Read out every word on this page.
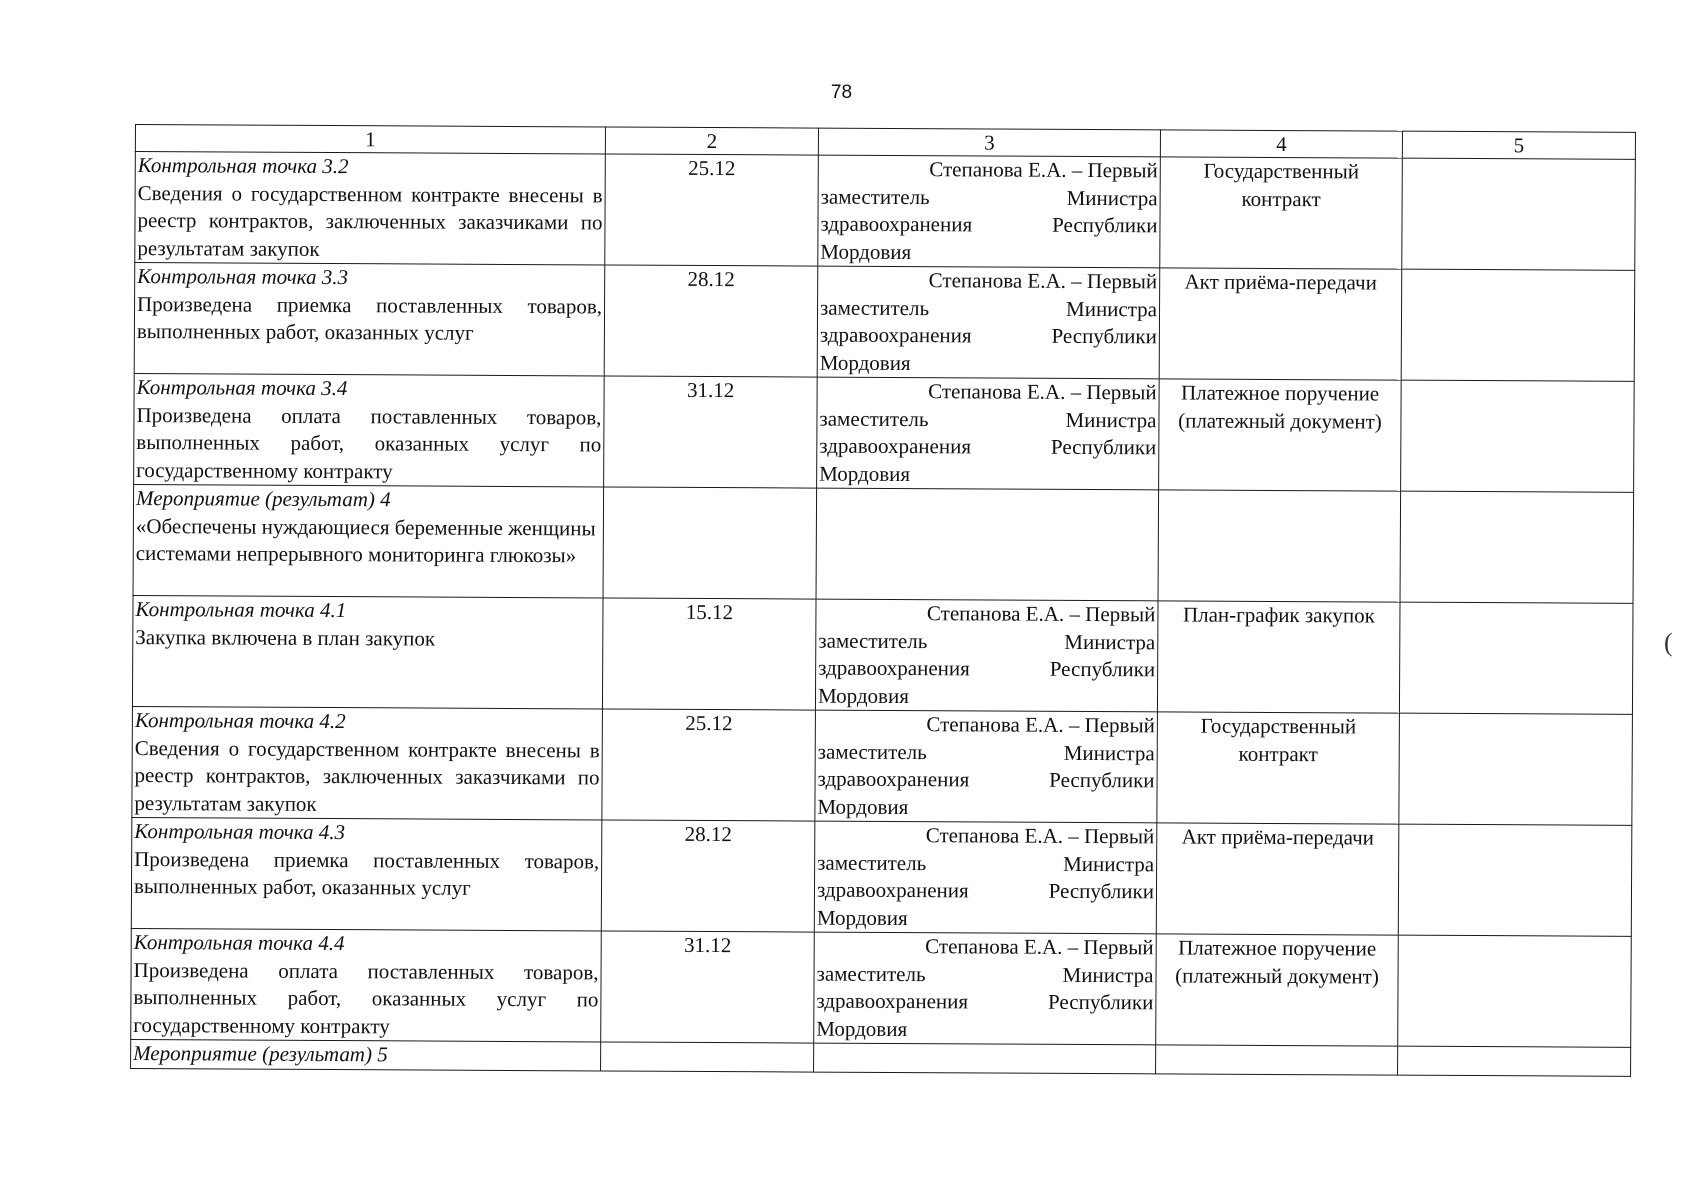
78
1	2	3	4	5

Контрольная точка 3.2
Сведения о государственном контракте внесены в реестр контрактов, заключенных заказчиками по результатам закупок	25.12	Степанова Е.А. – Первый
заместитель Министра
здравоохранения Республики
Мордовия	Государственный контракт	

Контрольная точка 3.3
Произведена приемка поставленных товаров, выполненных работ, оказанных услуг	28.12	Степанова Е.А. – Первый
заместитель Министра
здравоохранения Республики
Мордовия	Акт приёма-передачи	

Контрольная точка 3.4
Произведена оплата поставленных товаров, выполненных работ, оказанных услуг по государственному контракту	31.12	Степанова Е.А. – Первый
заместитель Министра
здравоохранения Республики
Мордовия	Платежное поручение (платежный документ)	

Мероприятие (результат) 4
«Обеспечены нуждающиеся беременные женщины системами непрерывного мониторинга глюкозы»				

Контрольная точка 4.1
Закупка включена в план закупок	15.12	Степанова Е.А. – Первый
заместитель Министра
здравоохранения Республики
Мордовия	План-график закупок	

Контрольная точка 4.2
Сведения о государственном контракте внесены в реестр контрактов, заключенных заказчиками по результатам закупок	25.12	Степанова Е.А. – Первый
заместитель Министра
здравоохранения Республики
Мордовия	Государственный контракт	

Контрольная точка 4.3
Произведена приемка поставленных товаров, выполненных работ, оказанных услуг	28.12	Степанова Е.А. – Первый
заместитель Министра
здравоохранения Республики
Мордовия	Акт приёма-передачи	

Контрольная точка 4.4
Произведена оплата поставленных товаров, выполненных работ, оказанных услуг по государственному контракту	31.12	Степанова Е.А. – Первый
заместитель Министра
здравоохранения Республики
Мордовия	Платежное поручение (платежный документ)	

Мероприятие (результат) 5				

(
